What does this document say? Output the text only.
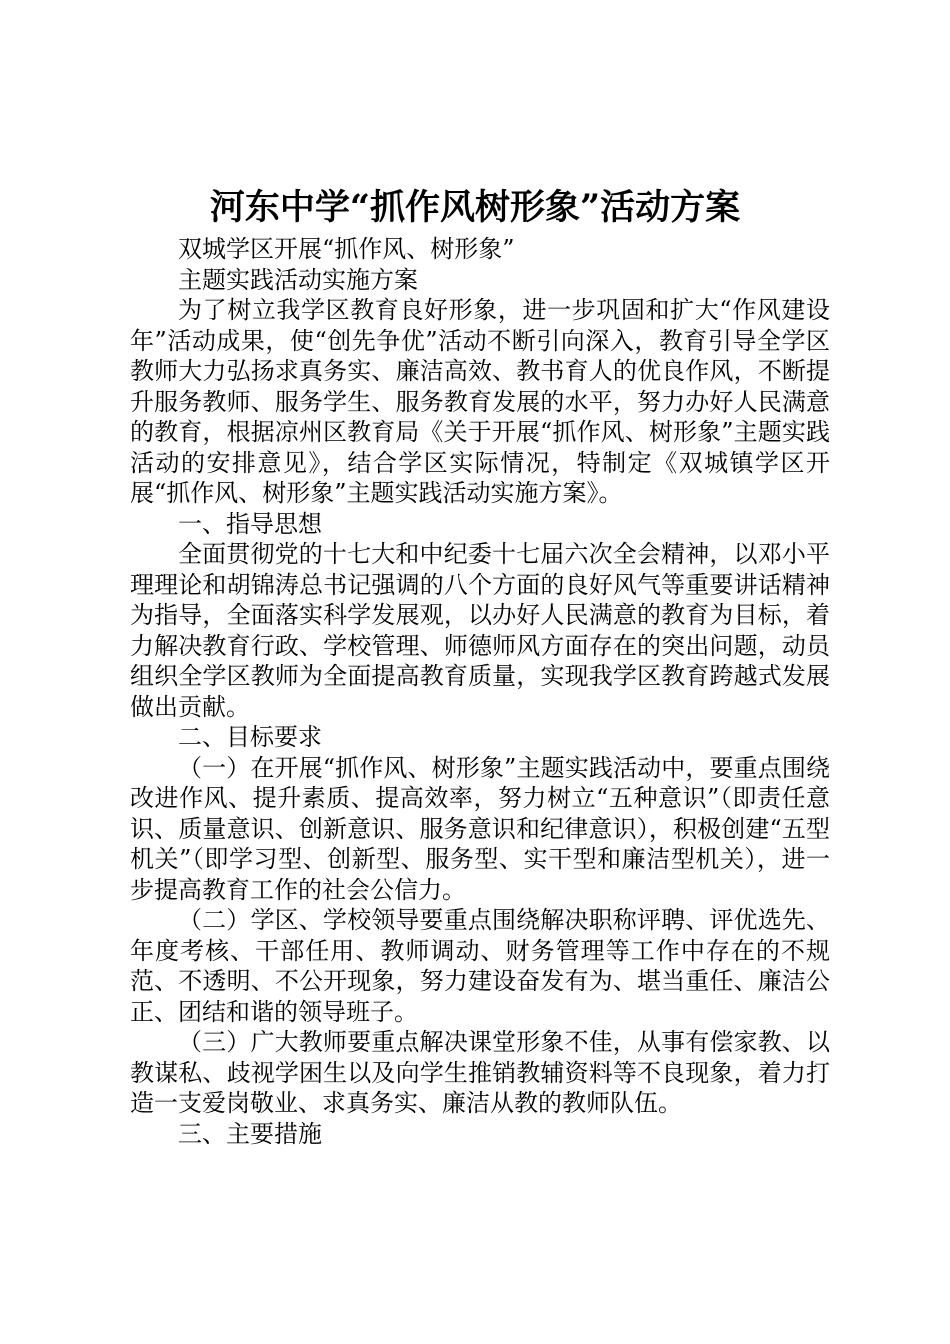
河东中学“抓作风树形象”活动方案

双城学区开展“抓作风、树形象”

主题实践活动实施方案

为了树立我学区教育良好形象，进一步巩固和扩大“作风建设年”活动成果，使“创先争优”活动不断引向深入，教育引导全学区教师大力弘扬求真务实、廉洁高效、教书育人的优良作风，不断提升服务教师、服务学生、服务教育发展的水平，努力办好人民满意的教育，根据凉州区教育局《关于开展“抓作风、树形象”主题实践活动的安排意见》，结合学区实际情况，特制定《双城镇学区开展“抓作风、树形象”主题实践活动实施方案》。

一、指导思想

全面贯彻党的十七大和中纪委十七届六次全会精神，以邓小平理理论和胡锦涛总书记强调的八个方面的良好风气等重要讲话精神为指导，全面落实科学发展观，以办好人民满意的教育为目标，着力解决教育行政、学校管理、师德师风方面存在的突出问题，动员组织全学区教师为全面提高教育质量，实现我学区教育跨越式发展做出贡献。

二、目标要求

（一）在开展“抓作风、树形象”主题实践活动中，要重点围绕改进作风、提升素质、提高效率，努力树立“五种意识”（即责任意识、质量意识、创新意识、服务意识和纪律意识），积极创建“五型机关”（即学习型、创新型、服务型、实干型和廉洁型机关），进一步提高教育工作的社会公信力。

（二）学区、学校领导要重点围绕解决职称评聘、评优选先、年度考核、干部任用、教师调动、财务管理等工作中存在的不规范、不透明、不公开现象，努力建设奋发有为、堪当重任、廉洁公正、团结和谐的领导班子。

（三）广大教师要重点解决课堂形象不佳，从事有偿家教、以教谋私、歧视学困生以及向学生推销教辅资料等不良现象，着力打造一支爱岗敬业、求真务实、廉洁从教的教师队伍。

三、主要措施
